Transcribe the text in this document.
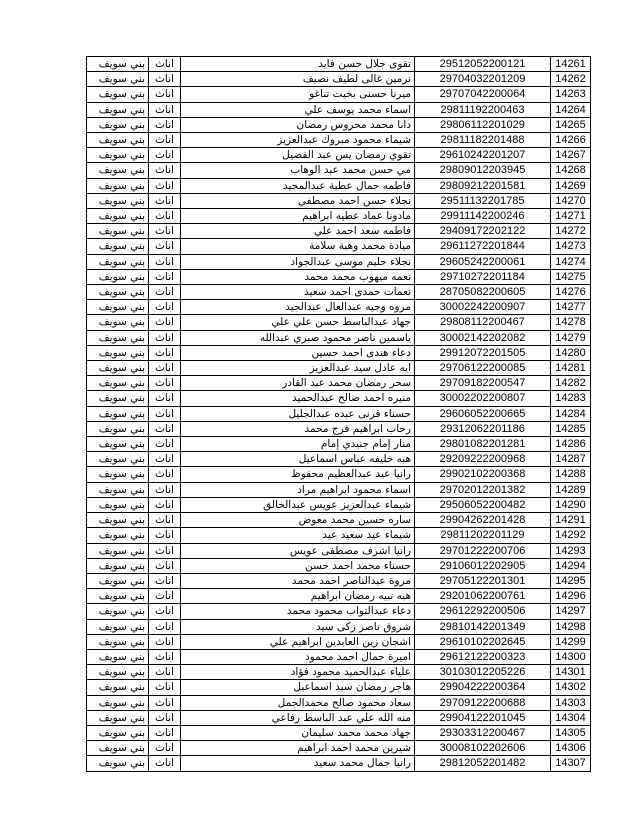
بني سويف	اناث	تقوى جلال حسن فايد	29512052200121	14261
بني سويف	اناث	نرمين غالى لطيف نصيف	29704032201209	14262
بني سويف	اناث	ميرنا حسنى بخيت تناغو	29707042200064	14263
بني سويف	اناث	اسماء محمد يوسف علي	29811192200463	14264
بني سويف	اناث	دانا محمد محروس رمضان	29806112201029	14265
بني سويف	اناث	شيماء محمود مبروك عبدالعزيز	29811182201488	14266
بني سويف	اناث	تقوي رمضان يس عبد الفضيل	29610242201207	14267
بني سويف	اناث	مي حسن محمد عبد الوهاب	29809012203945	14268
بني سويف	اناث	فاطمه جمال عطية عبدالمجيد	29809212201581	14269
بني سويف	اناث	نجلاء حسن احمد مصطفي	29511132201785	14270
بني سويف	اناث	مادونا عماد عطيه ابراهيم	29911142200246	14271
بني سويف	اناث	فاطمه سعد احمد علي	29409172202122	14272
بني سويف	اناث	ميادة محمد وهبة سلامة	29611272201844	14273
بني سويف	اناث	نجلاء حليم موسى عبدالجواد	29605242200061	14274
بني سويف	اناث	نعمه ميهوب محمد محمد	29710272201184	14275
بني سويف	اناث	نعمات حمدى احمد سعيد	28705082200605	14276
بني سويف	اناث	مروه وجيه عبدالعال عبدالجيد	30002242200907	14277
بني سويف	اناث	جهاد عبدالباسط حسن علي علي	29808112200467	14278
بني سويف	اناث	ياسمين ناصر محمود صبري عبدالله	30002142202082	14279
بني سويف	اناث	دعاء هندى احمد حسين	29912072201505	14280
بني سويف	اناث	ايه عادل سيد عبدالعزيز	29706122200085	14281
بني سويف	اناث	سحر رمضان محمد عبد القادر	29709182200547	14282
بني سويف	اناث	منيره احمد صالح عبدالحميد	30002202200807	14283
بني سويف	اناث	حسناء قرنى عبده عبدالجليل	29606052200665	14284
بني سويف	اناث	رحاب ابراهيم فرج محمد	29312062201186	14285
بني سويف	اناث	منار إمام جنيدي إمام	29801082201281	14286
بني سويف	اناث	هبه خليفه عباس اسماعيل	29209222200968	14287
بني سويف	اناث	رانيا عيد عبدالعظيم محفوظ	29902102200368	14288
بني سويف	اناث	اسماء محمود ابراهيم مراد	29702012201382	14289
بني سويف	اناث	شيماء عبدالعزيز عويس عبدالخالق	29506052200482	14290
بني سويف	اناث	ساره حسين محمد معوض	29904262201428	14291
بني سويف	اناث	شيماء عيد سعيد عيد	29811202201129	14292
بني سويف	اناث	رانيا اشرف مصطفى عويس	29701222200706	14293
بني سويف	اناث	حسناء محمد احمد حسن	29106012202905	14294
بني سويف	اناث	مروة عبدالناصر احمد محمد	29705122201301	14295
بني سويف	اناث	هبه نبيه رمضان ابراهيم	29201062200761	14296
بني سويف	اناث	دعاء عبدالتواب محمود محمد	29612292200506	14297
بني سويف	اناث	شروق ناصر زكى سيد	29810142201349	14298
بني سويف	اناث	اشجان زين العابدين ابراهيم علي	29610102202645	14299
بني سويف	اناث	اميرة جمال احمد محمود	29612122200323	14300
بني سويف	اناث	علياء عبدالحميد محمود فؤاد	30103012205226	14301
بني سويف	اناث	هاجر رمضان سيد اسماعيل	29904222200364	14302
بني سويف	اناث	سعاد محمود صالح محمدالجمل	29709122200688	14303
بني سويف	اناث	منه الله علي عبد الباسط رفاعي	29904122201045	14304
بني سويف	اناث	جهاد محمد محمد سليمان	29303312200467	14305
بني سويف	اناث	شيرين محمد احمد ابراهيم	30008102202606	14306
بني سويف	اناث	رانيا جمال محمد سعيد	29812052201482	14307
